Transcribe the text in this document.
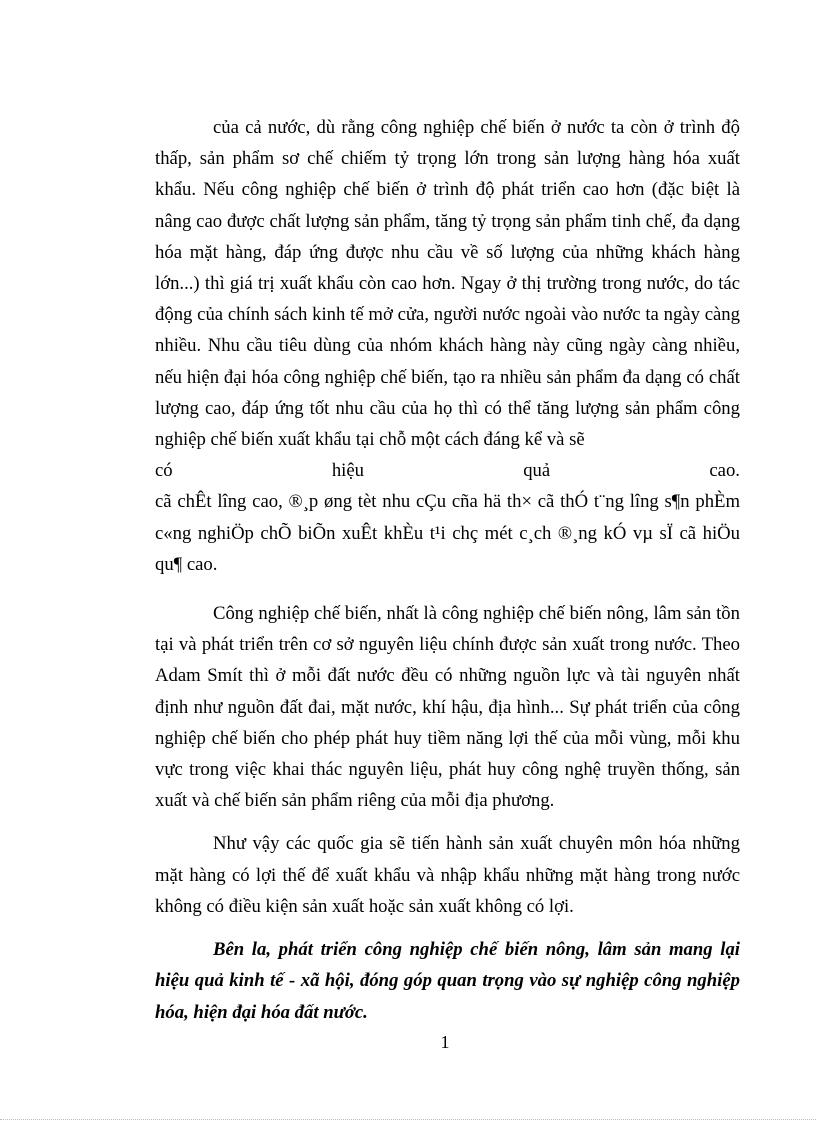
của cả nước, dù rằng công nghiệp chế biến ở nước ta còn ở trình độ thấp, sản phẩm sơ chế chiếm tỷ trọng lớn trong sản lượng hàng hóa xuất khẩu. Nếu công nghiệp chế biến ở trình độ phát triển cao hơn (đặc biệt là nâng cao được chất lượng sản phẩm, tăng tỷ trọng sản phẩm tinh chế, đa dạng hóa mặt hàng, đáp ứng được nhu cầu về số lượng của những khách hàng lớn...) thì giá trị xuất khẩu còn cao hơn. Ngay ở thị trường trong nước, do tác động của chính sách kinh tế mở cửa, người nước ngoài vào nước ta ngày càng nhiều. Nhu cầu tiêu dùng của nhóm khách hàng này cũng ngày càng nhiều, nếu hiện đại hóa công nghiệp chế biến, tạo ra nhiều sản phẩm đa dạng có chất lượng cao, đáp ứng tốt nhu cầu của họ thì có thể tăng lượng sản phẩm công nghiệp chế biến xuất khẩu tại chỗ một cách đáng kể và sẽ

có	hiệu	quả	cao.

cã chÊt lîng cao, ®¸p øng tèt nhu cÇu cña hä th× cã thÓ t¨ng lîng s¶n phÈm c«ng nghiÖp chÕ biÕn xuÊt khÈu t¹i chç mét c¸ch ®¸ng kÓ vµ sÏ cã hiÖu qu¶ cao.

Công nghiệp chế biến, nhất là công nghiệp chế biến nông, lâm sản tồn tại và phát triển trên cơ sở nguyên liệu chính được sản xuất trong nước. Theo Adam Smít thì ở mỗi đất nước đều có những nguồn lực và tài nguyên nhất định như nguồn đất đai, mặt nước, khí hậu, địa hình... Sự phát triển của công nghiệp chế biến cho phép phát huy tiềm năng lợi thế của mỗi vùng, mỗi khu vực trong việc khai thác nguyên liệu, phát huy công nghệ truyền thống, sản xuất và chế biến sản phẩm riêng của mỗi địa phương.

Như vậy các quốc gia sẽ tiến hành sản xuất chuyên môn hóa những mặt hàng có lợi thế để xuất khẩu và nhập khẩu những mặt hàng trong nước không có điều kiện sản xuất hoặc sản xuất không có lợi.

Bên la, phát triển công nghiệp chế biến nông, lâm sản mang lại hiệu quả kinh tế - xã hội, đóng góp quan trọng vào sự nghiệp công nghiệp hóa, hiện đại hóa đất nước.

1
